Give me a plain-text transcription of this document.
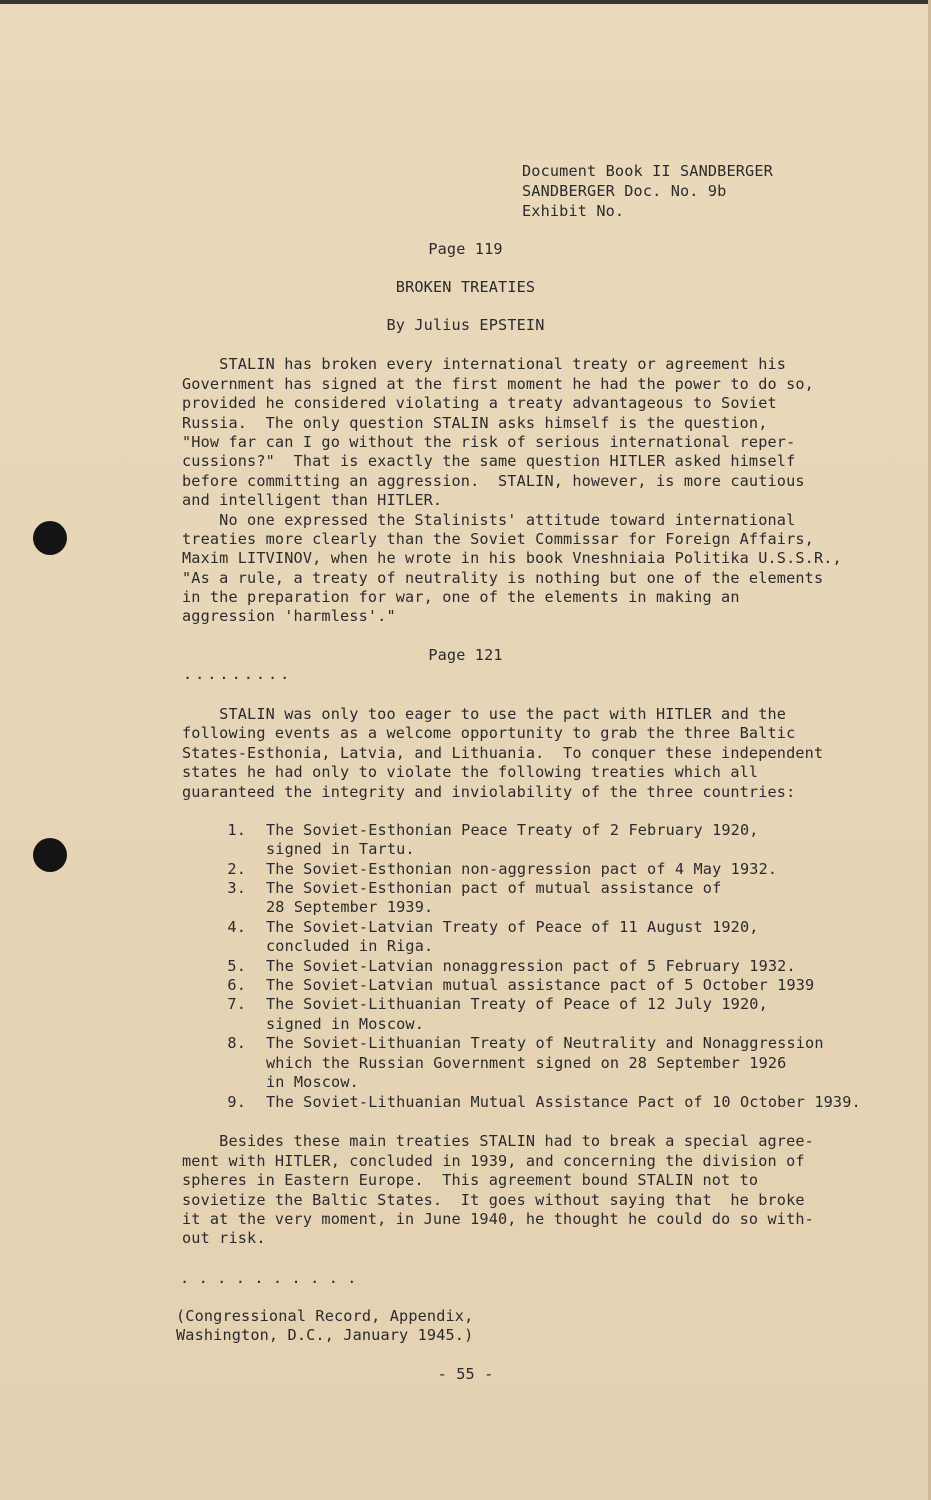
Document Book II SANDBERGER
SANDBERGER Doc. No. 9b
Exhibit No.
Page 119
BROKEN TREATIES
By Julius EPSTEIN
STALIN has broken every international treaty or agreement his
Government has signed at the first moment he had the power to do so,
provided he considered violating a treaty advantageous to Soviet
Russia.  The only question STALIN asks himself is the question,
"How far can I go without the risk of serious international reper-
cussions?"  That is exactly the same question HITLER asked himself
before committing an aggression.  STALIN, however, is more cautious
and intelligent than HITLER.
No one expressed the Stalinists' attitude toward international
treaties more clearly than the Soviet Commissar for Foreign Affairs,
Maxim LITVINOV, when he wrote in his book Vneshniaia Politika U.S.S.R.,
"As a rule, a treaty of neutrality is nothing but one of the elements
in the preparation for war, one of the elements in making an
aggression 'harmless'."
Page 121
.........
STALIN was only too eager to use the pact with HITLER and the
following events as a welcome opportunity to grab the three Baltic
States-Esthonia, Latvia, and Lithuania.  To conquer these independent
states he had only to violate the following treaties which all
guaranteed the integrity and inviolability of the three countries:
1. The Soviet-Esthonian Peace Treaty of 2 February 1920,
signed in Tartu.
2. The Soviet-Esthonian non-aggression pact of 4 May 1932.
3. The Soviet-Esthonian pact of mutual assistance of
28 September 1939.
4. The Soviet-Latvian Treaty of Peace of 11 August 1920,
concluded in Riga.
5. The Soviet-Latvian nonaggression pact of 5 February 1932.
6. The Soviet-Latvian mutual assistance pact of 5 October 1939
7. The Soviet-Lithuanian Treaty of Peace of 12 July 1920,
signed in Moscow.
8. The Soviet-Lithuanian Treaty of Neutrality and Nonaggression
which the Russian Government signed on 28 September 1926
in Moscow.
9. The Soviet-Lithuanian Mutual Assistance Pact of 10 October 1939.
Besides these main treaties STALIN had to break a special agree-
ment with HITLER, concluded in 1939, and concerning the division of
spheres in Eastern Europe.  This agreement bound STALIN not to
sovietize the Baltic States.  It goes without saying that  he broke
it at the very moment, in June 1940, he thought he could do so with-
out risk.
. . . . . . . . . .
(Congressional Record, Appendix,
Washington, D.C., January 1945.)
- 55 -
